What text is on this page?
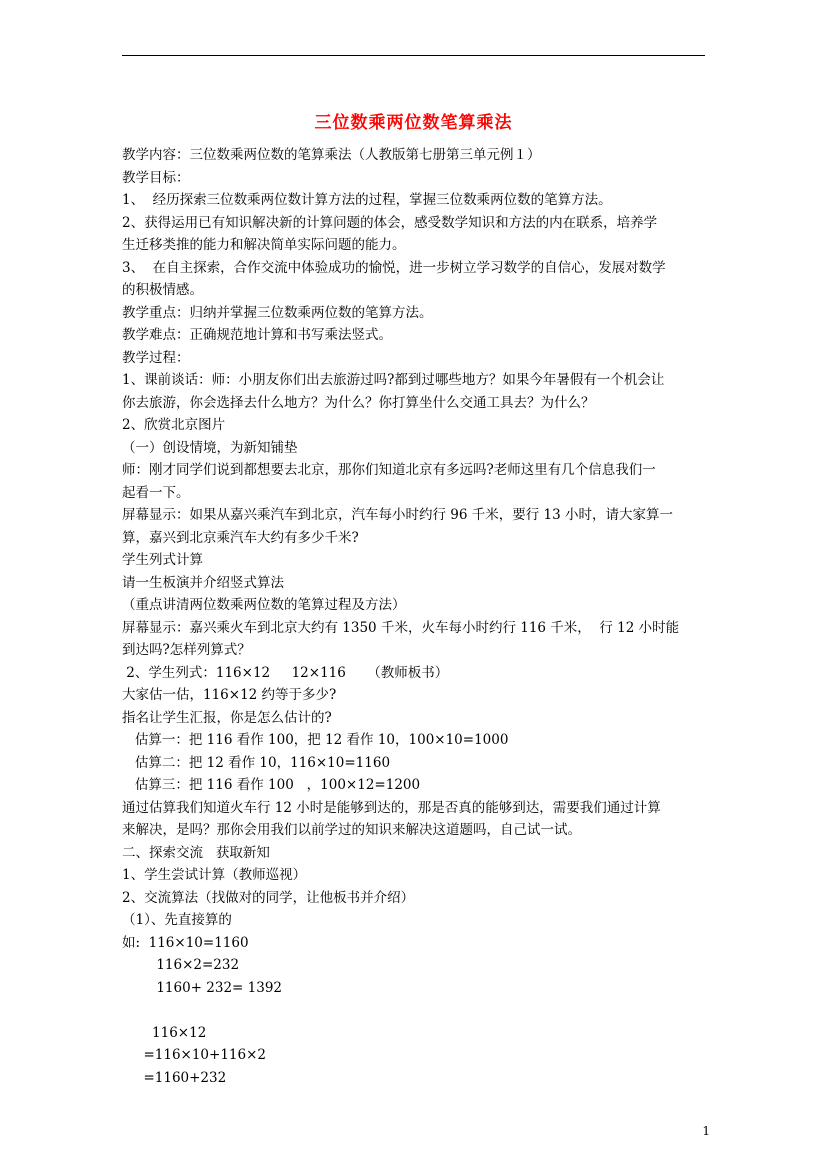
三位数乘两位数笔算乘法
教学内容：三位数乘两位数的笔算乘法（人教版第七册第三单元例１）
教学目标：
1、  经历探索三位数乘两位数计算方法的过程，掌握三位数乘两位数的笔算方法。
2、获得运用已有知识解决新的计算问题的体会，感受数学知识和方法的内在联系，培养学
生迁移类推的能力和解决简单实际问题的能力。
3、  在自主探索，合作交流中体验成功的愉悦，进一步树立学习数学的自信心，发展对数学
的积极情感。
教学重点：归纳并掌握三位数乘两位数的笔算方法。
教学难点：正确规范地计算和书写乘法竖式。
教学过程：
1、课前谈话：师：小朋友你们出去旅游过吗?都到过哪些地方？如果今年暑假有一个机会让
你去旅游，你会选择去什么地方？为什么？你打算坐什么交通工具去？为什么？
2、欣赏北京图片
（一）创设情境，为新知铺垫
师：刚才同学们说到都想要去北京，那你们知道北京有多远吗?老师这里有几个信息我们一
起看一下。
屏幕显示：如果从嘉兴乘汽车到北京，汽车每小时约行 96 千米，要行 13 小时，请大家算一
算，嘉兴到北京乘汽车大约有多少千米?
学生列式计算
请一生板演并介绍竖式算法
（重点讲清两位数乘两位数的笔算过程及方法）
屏幕显示：嘉兴乘火车到北京大约有 1350 千米，火车每小时约行 116 千米，  行 12 小时能
到达吗?怎样列算式？
2、学生列式：116×12     12×116     （教师板书）
大家估一估，116×12 约等于多少?
指名让学生汇报，你是怎么估计的?
估算一：把 116 看作 100，把 12 看作 10，100×10=1000
估算二：把 12 看作 10，116×10=1160
估算三：把 116 看作 100   ，100×12=1200
通过估算我们知道火车行 12 小时是能够到达的，那是否真的能够到达，需要我们通过计算
来解决，是吗？那你会用我们以前学过的知识来解决这道题吗，自己试一试。
二、探索交流   获取新知
1、学生尝试计算（教师巡视）
2、交流算法（找做对的同学，让他板书并介绍）
（1）、先直接算的
如:  116×10=1160
116×2=232
1160+ 232= 1392
116×12
=116×10+116×2
=1160+232
1
